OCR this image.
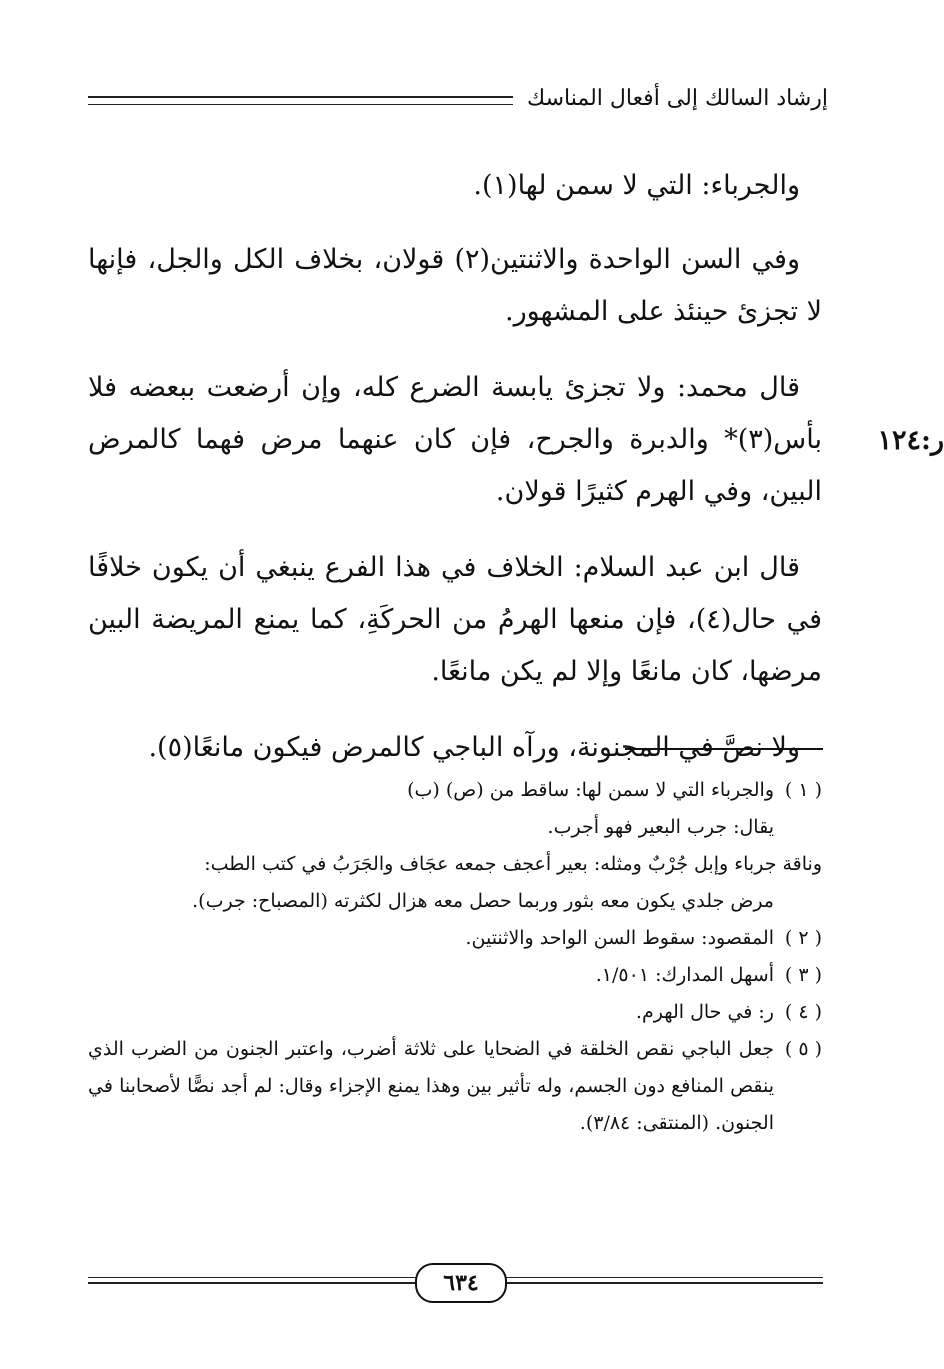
إرشاد السالك إلى أفعال المناسك
ر:١٢٤

والجرباء: التي لا سمن لها(١).

وفي السن الواحدة والاثنتين(٢) قولان، بخلاف الكل والجل، فإنها لا تجزئ حينئذ على المشهور.

قال محمد: ولا تجزئ يابسة الضرع كله، وإن أرضعت ببعضه فلا بأس(٣)* والدبرة والجرح، فإن كان عنهما مرض فهما كالمرض البين، وفي الهرم كثيرًا قولان.

قال ابن عبد السلام: الخلاف في هذا الفرع ينبغي أن يكون خلافًا في حال(٤)، فإن منعها الهرمُ من الحركَةِ، كما يمنع المريضة البين مرضها، كان مانعًا وإلا لم يكن مانعًا.

ولا نصَّ في المجنونة، ورآه الباجي كالمرض فيكون مانعًا(٥).

( ١ )
والجرباء التي لا سمن لها: ساقط من (ص) (ب)
يقال: جرب البعير فهو أجرب.
وناقة جرباء وإبل جُرْبٌ ومثله: بعير أعجف جمعه عجَاف والجَرَبُ في كتب الطب:
مرض جلدي يكون معه بثور وربما حصل معه هزال لكثرته (المصباح: جرب).
( ٢ )
المقصود: سقوط السن الواحد والاثنتين.
( ٣ )
أسهل المدارك: ١/٥٠١.
( ٤ )
ر: في حال الهرم.
( ٥ )
جعل الباجي نقص الخلقة في الضحايا على ثلاثة أضرب، واعتبر الجنون من الضرب الذي ينقص المنافع دون الجسم، وله تأثير بين وهذا يمنع الإجزاء وقال: لم أجد نصًّا لأصحابنا في الجنون. (المنتقى: ٣/٨٤).
٦٣٤
